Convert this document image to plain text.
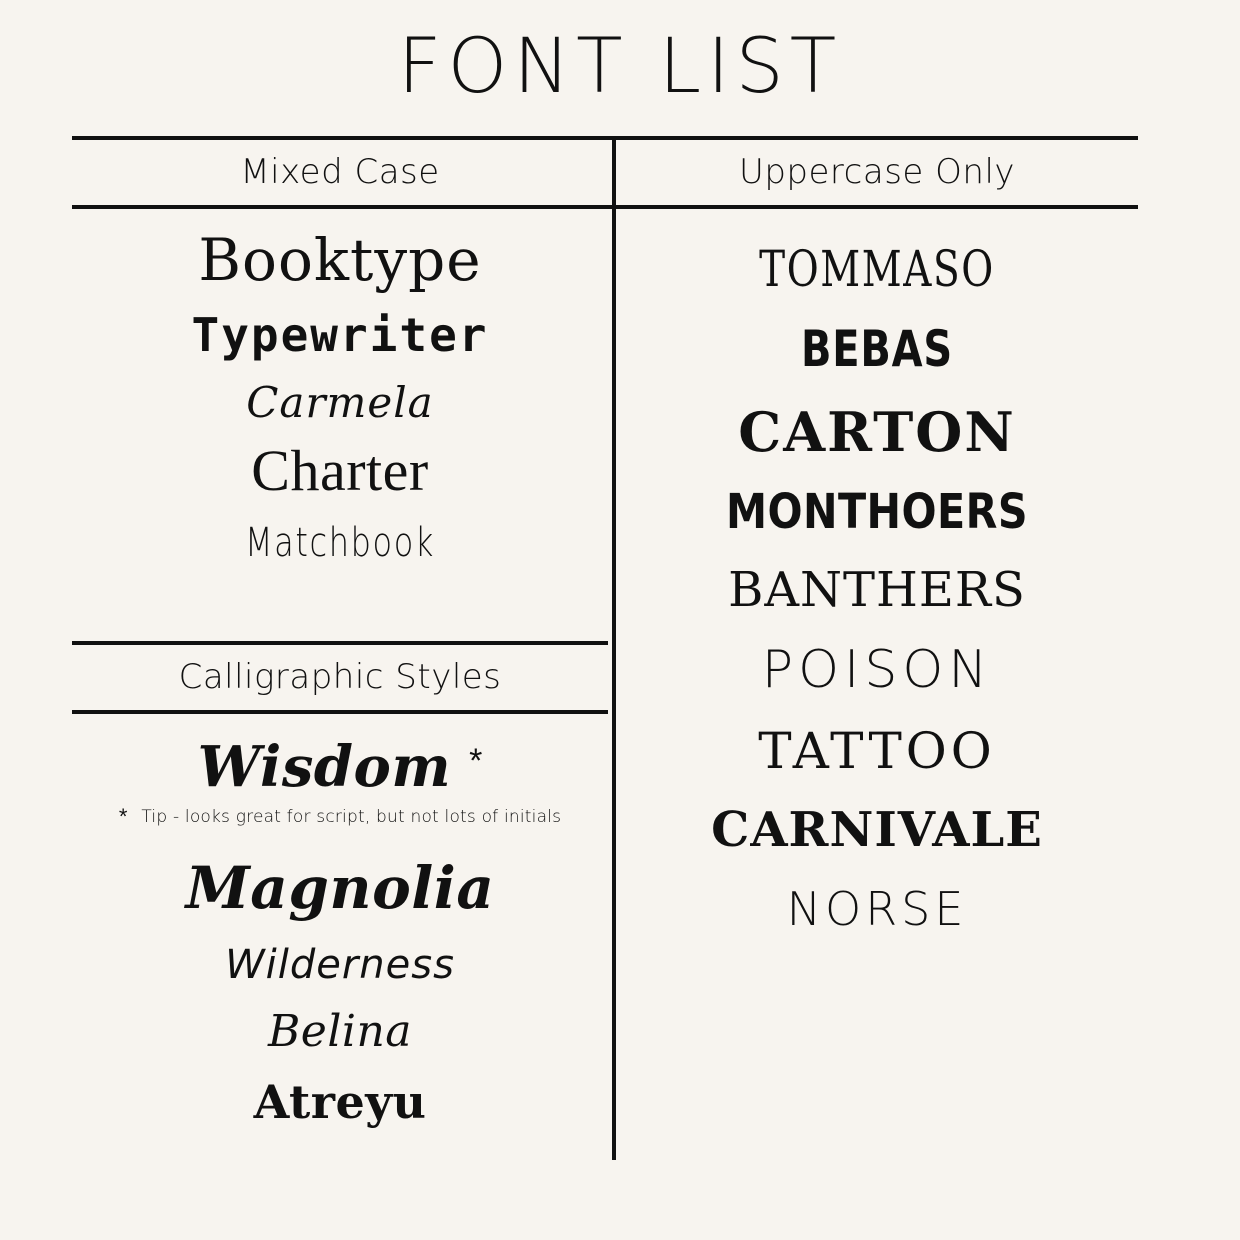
FONT LIST
Mixed Case	Uppercase Only
Calligraphic Styles
Booktype
Typewriter
Carmela
Charter
Matchbook
Wisdom *
* Tip - looks great for script, but not lots of initials
Magnolia
Wilderness
Belina
Atreyu
TOMMASO
BEBAS
CARTON
MONTHOERS
BANTHERS
POISON
TATTOO
CARNIVALE
NORSE
